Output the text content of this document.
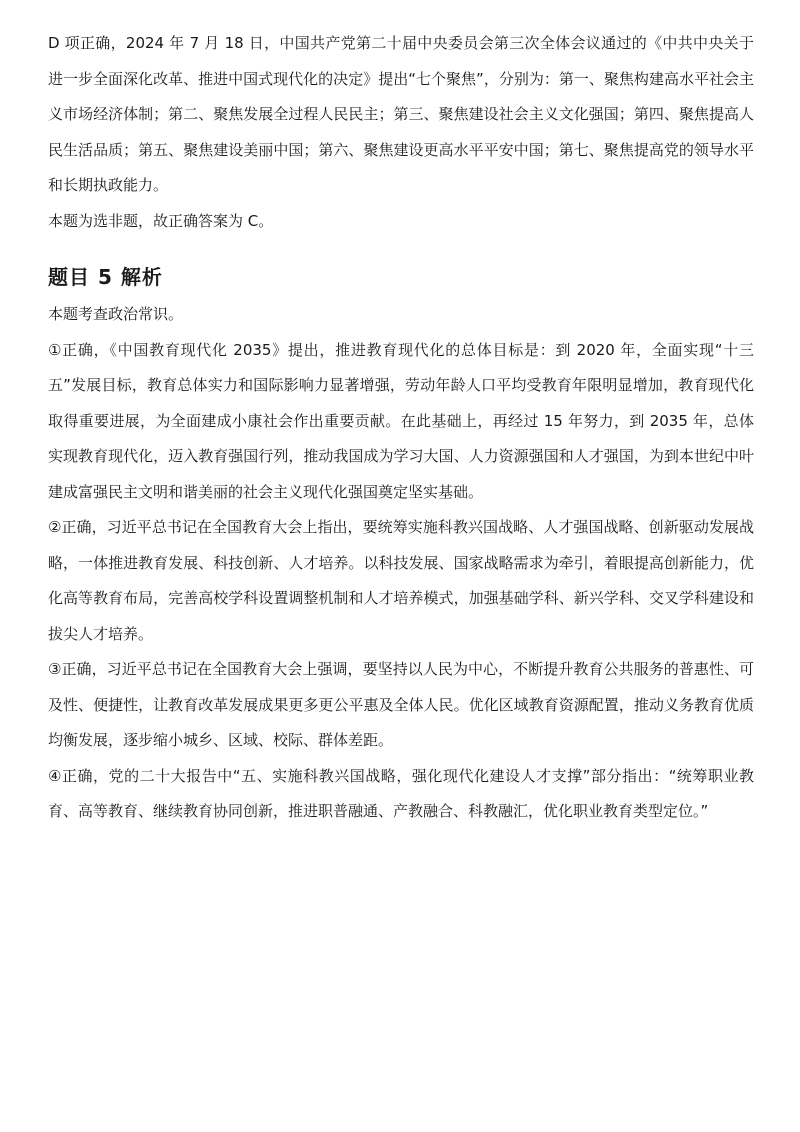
D 项正确，2024 年 7 月 18 日，中国共产党第二十届中央委员会第三次全体会议通过的《中共中央关于进一步全面深化改革、推进中国式现代化的决定》提出“七个聚焦”，分别为：第一、聚焦构建高水平社会主义市场经济体制；第二、聚焦发展全过程人民民主；第三、聚焦建设社会主义文化强国；第四、聚焦提高人民生活品质；第五、聚焦建设美丽中国；第六、聚焦建设更高水平平安中国；第七、聚焦提高党的领导水平和长期执政能力。

本题为选非题，故正确答案为 C。

题目 5 解析

本题考查政治常识。

①正确，《中国教育现代化 2035》提出，推进教育现代化的总体目标是：到 2020 年，全面实现“十三五”发展目标，教育总体实力和国际影响力显著增强，劳动年龄人口平均受教育年限明显增加，教育现代化取得重要进展，为全面建成小康社会作出重要贡献。在此基础上，再经过 15 年努力，到 2035 年，总体实现教育现代化，迈入教育强国行列，推动我国成为学习大国、人力资源强国和人才强国，为到本世纪中叶建成富强民主文明和谐美丽的社会主义现代化强国奠定坚实基础。

②正确，习近平总书记在全国教育大会上指出，要统筹实施科教兴国战略、人才强国战略、创新驱动发展战略，一体推进教育发展、科技创新、人才培养。以科技发展、国家战略需求为牵引，着眼提高创新能力，优化高等教育布局，完善高校学科设置调整机制和人才培养模式，加强基础学科、新兴学科、交叉学科建设和拔尖人才培养。

③正确，习近平总书记在全国教育大会上强调，要坚持以人民为中心，不断提升教育公共服务的普惠性、可及性、便捷性，让教育改革发展成果更多更公平惠及全体人民。优化区域教育资源配置，推动义务教育优质均衡发展，逐步缩小城乡、区域、校际、群体差距。

④正确，党的二十大报告中“五、实施科教兴国战略，强化现代化建设人才支撑”部分指出：“统筹职业教育、高等教育、继续教育协同创新，推进职普融通、产教融合、科教融汇，优化职业教育类型定位。”
